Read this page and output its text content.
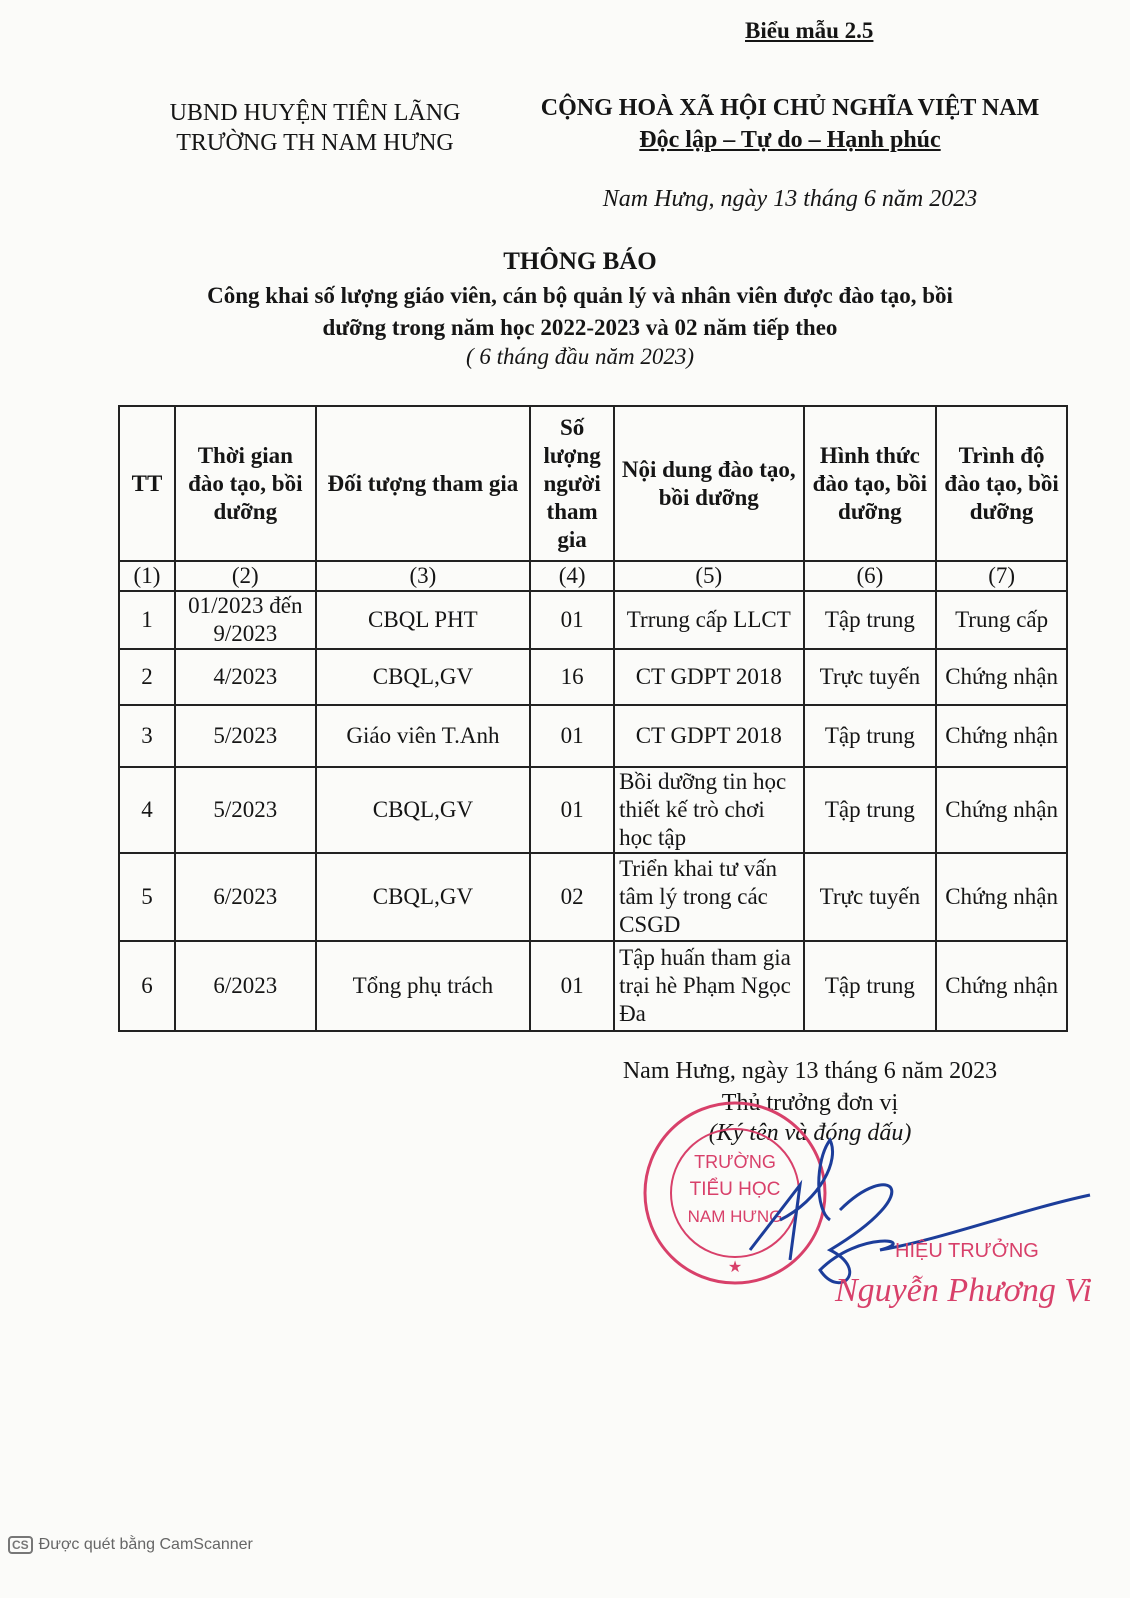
Biểu mẫu 2.5
UBND HUYỆN TIÊN LÃNG
TRƯỜNG TH NAM HƯNG
CỘNG HOÀ XÃ HỘI CHỦ NGHĨA VIỆT NAM
Độc lập – Tự do – Hạnh phúc
Nam Hưng, ngày 13 tháng 6 năm 2023
THÔNG BÁO
Công khai số lượng giáo viên, cán bộ quản lý và nhân viên được đào tạo, bồi
dưỡng trong năm học 2022-2023 và 02 năm tiếp theo
( 6 tháng đầu năm 2023)
TT	Thời gian đào tạo, bồi dưỡng	Đối tượng tham gia	Số lượng người tham gia	Nội dung đào tạo, bồi dưỡng	Hình thức đào tạo, bồi dưỡng	Trình độ đào tạo, bồi dưỡng
(1)	(2)	(3)	(4)	(5)	(6)	(7)
1	01/2023 đến 9/2023	CBQL PHT	01	Trrung cấp LLCT	Tập trung	Trung cấp
2	4/2023	CBQL,GV	16	CT GDPT 2018	Trực tuyến	Chứng nhận
3	5/2023	Giáo viên T.Anh	01	CT GDPT 2018	Tập trung	Chứng nhận
4	5/2023	CBQL,GV	01	Bồi dưỡng tin học thiết kế trò chơi học tập	Tập trung	Chứng nhận
5	6/2023	CBQL,GV	02	Triển khai tư vấn tâm lý trong các CSGD	Trực tuyến	Chứng nhận
6	6/2023	Tổng phụ trách	01	Tập huấn tham gia trại hè Phạm Ngọc Đa	Tập trung	Chứng nhận
Nam Hưng, ngày 13 tháng 6 năm 2023
Thủ trưởng đơn vị
(Ký tên và đóng dấu)
TRƯỜNG
TIỂU HỌC
NAM HƯNG
★
HIỆU TRƯỞNG
Nguyễn Phương Vi
CS Được quét bằng CamScanner
